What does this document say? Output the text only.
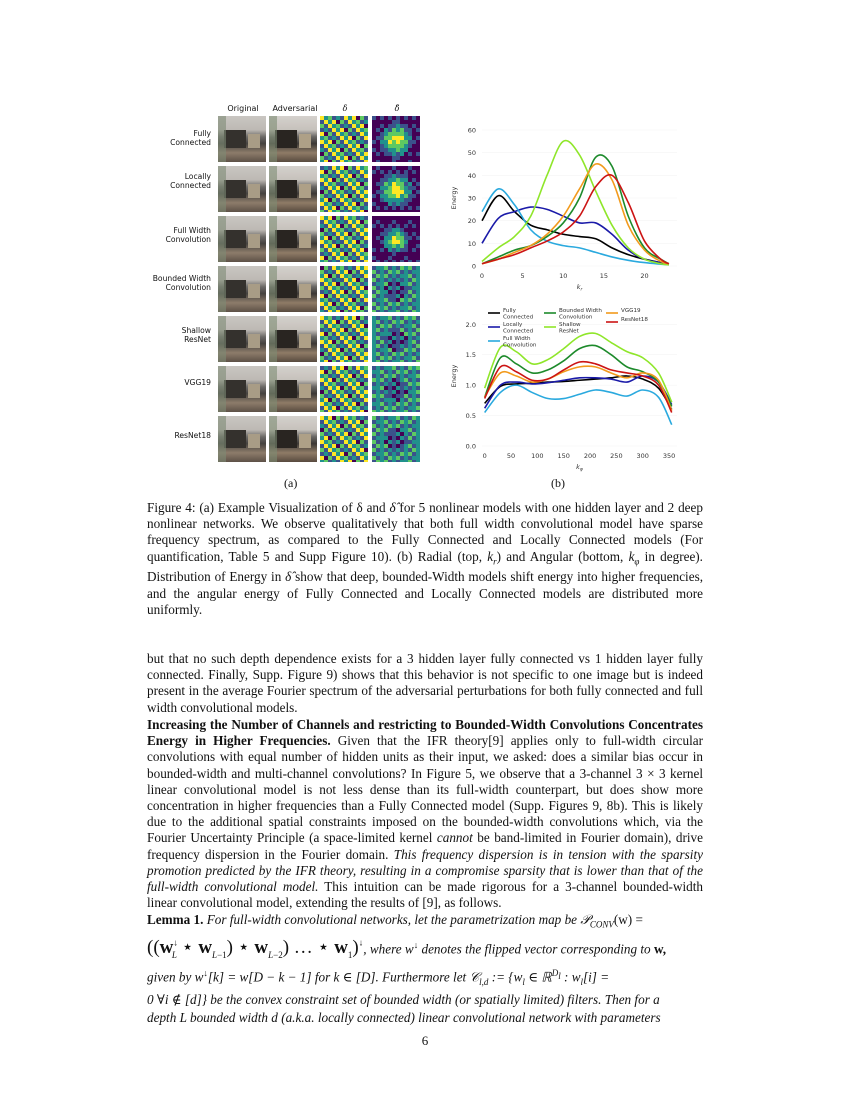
Original	Adversarial	δ	δ̂
Fully
Connected
Locally
Connected
Full Width
Convolution
Bounded Width
Convolution
Shallow
ResNet
VGG19
ResNet18
(a)
0
10
20
30
40
50
60
0	5	10	15	20
Energy
$k_r$
0.0
0.5
1.0
1.5
2.0
0	50 100 150 200 250 300 350
Energy
$k_\varphi$
Fully
Connected
Locally
Connected
Full Width
Convolution
Bounded Width
Convolution
Shallow
ResNet
VGG19
ResNet18
(b)
Figure 4: (a) Example Visualization of δ and δ̂ for 5 nonlinear models with one hidden layer and 2 deep nonlinear networks. We observe qualitatively that both full width convolutional model have sparse frequency spectrum, as compared to the Fully Connected and Locally Connected models (For quantification, Table 5 and Supp Figure 10). (b) Radial (top, $k_r$) and Angular (bottom, $k_\varphi$ in degree). Distribution of Energy in δ̂ show that deep, bounded-Width models shift energy into higher frequencies, and the angular energy of Fully Connected and Locally Connected models are distributed more uniformly.
but that no such depth dependence exists for a 3 hidden layer fully connected vs 1 hidden layer fully connected. Finally, Supp. Figure 9) shows that this behavior is not specific to one image but is indeed present in the average Fourier spectrum of the adversarial perturbations for both fully connected and full width convolutional models.
Increasing the Number of Channels and restricting to Bounded-Width Convolutions Concentrates Energy in Higher Frequencies. Given that the IFR theory[9] applies only to full-width circular convolutions with equal number of hidden units as their input, we asked: does a similar bias occur in bounded-width and multi-channel convolutions? In Figure 5, we observe that a 3-channel 3 × 3 kernel linear convolutional model is not less dense than its full-width counterpart, but does show more concentration in higher frequencies than a Fully Connected model (Supp. Figures 9, 8b). This is likely due to the additional spatial constraints imposed on the bounded-width convolutions which, via the Fourier Uncertainty Principle (a space-limited kernel cannot be band-limited in Fourier domain), drive frequency dispersion in the Fourier domain. This frequency dispersion is in tension with the sparsity promotion predicted by the IFR theory, resulting in a compromise sparsity that is lower than that of the full-width convolutional model. This intuition can be made rigorous for a 3-channel bounded-width linear convolutional model, extending the results of [9], as follows.
Lemma 1. For full-width convolutional networks, let the parametrization map be 𝒫$_{CONV}$(w) =
(($w^↓_L$ ⋆ $w_{L-1}$) ⋆ $w_{L-2}$) … ⋆ $w_1)^↓$, where w↓ denotes the flipped vector corresponding to w,
given by w↓[k] = w[D − k − 1] for k ∈ [D]. Furthermore let 𝒞$_{l,d}$ := {$w_l$ ∈ ℝ$^{D_l}$ : $w_l[i]$ =
0 ∀i ∉ [d]} be the convex constraint set of bounded width (or spatially limited) filters. Then for a
depth L bounded width d (a.k.a. locally connected) linear convolutional network with parameters
6
